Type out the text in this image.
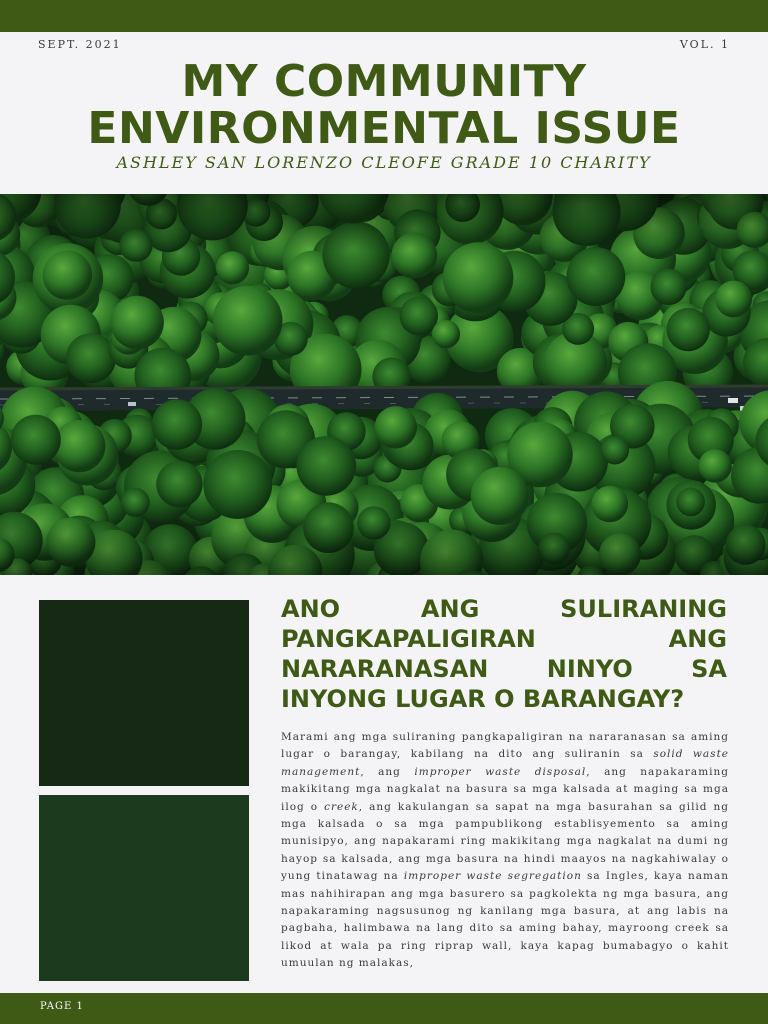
SEPT. 2021	VOL. 1
MY COMMUNITY
ENVIRONMENTAL ISSUE
ASHLEY SAN LORENZO CLEOFE GRADE 10 CHARITY
ANO ANG SULIRANING
PANGKAPALIGIRAN ANG
NARARANASAN NINYO SA
INYONG LUGAR O BARANGAY?
Marami ang mga suliraning pangkapaligiran na nararanasan sa aming lugar o barangay, kabilang na dito ang suliranin sa solid waste management, ang improper waste disposal, ang napakaraming makikitang mga nagkalat na basura sa mga kalsada at maging sa mga ilog o creek, ang kakulangan sa sapat na mga basurahan sa gilid ng mga kalsada o sa mga pampublikong establisyemento sa aming munisipyo, ang napakarami ring makikitang mga nagkalat na dumi ng hayop sa kalsada, ang mga basura na hindi maayos na nagkahiwalay o yung tinatawag na improper waste segregation sa Ingles, kaya naman mas nahihirapan ang mga basurero sa pagkolekta ng mga basura, ang napakaraming nagsusunog ng kanilang mga basura, at ang labis na pagbaha, halimbawa na lang dito sa aming bahay, mayroong creek sa likod at wala pa ring riprap wall, kaya kapag bumabagyo o kahit umuulan ng malakas,
PAGE 1
